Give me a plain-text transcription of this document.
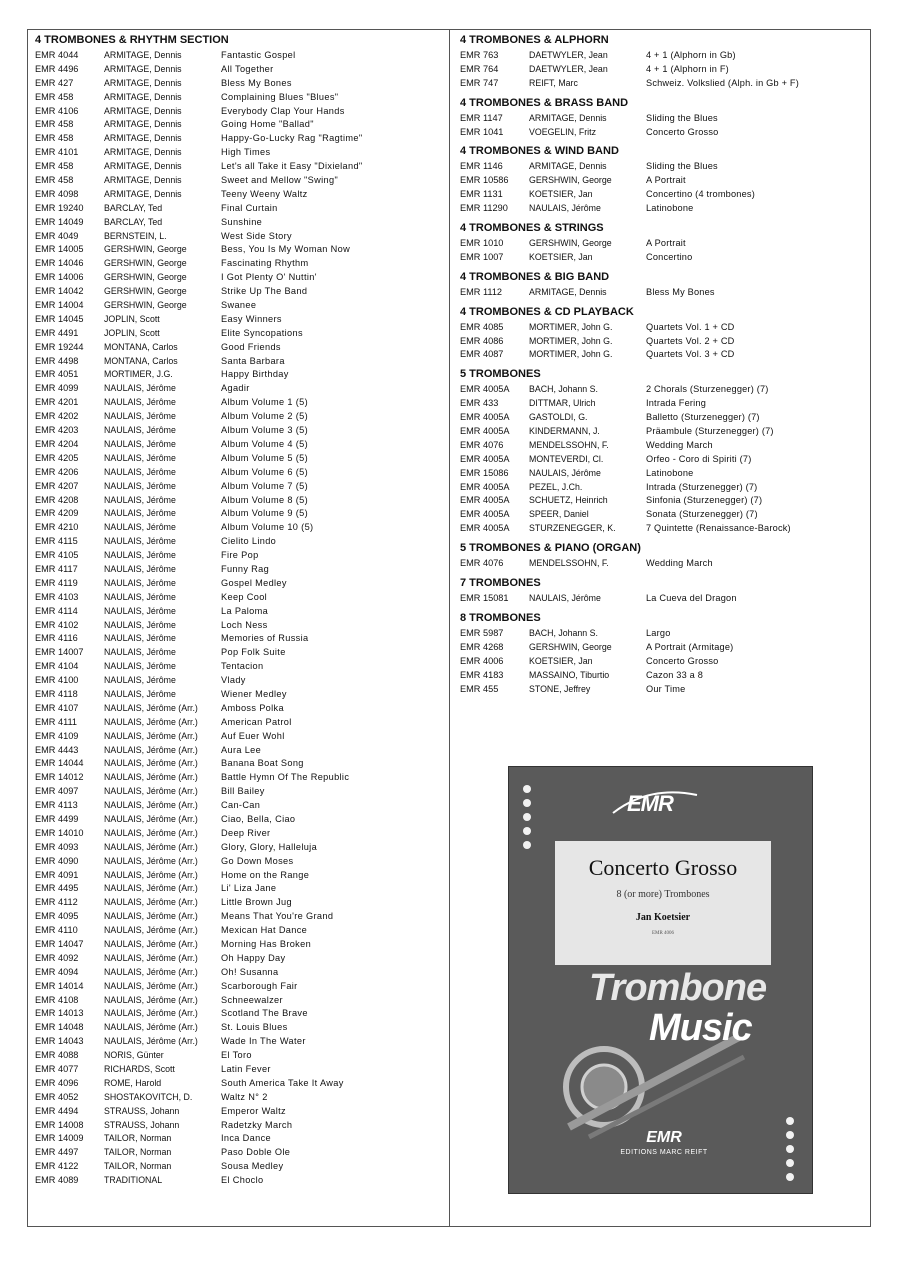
4 TROMBONES & RHYTHM SECTION
EMR 4044	ARMITAGE, Dennis	Fantastic Gospel
EMR 4496	ARMITAGE, Dennis	All Together
EMR 427	ARMITAGE, Dennis	Bless My Bones
EMR 458	ARMITAGE, Dennis	Complaining Blues "Blues"
EMR 4106	ARMITAGE, Dennis	Everybody Clap Your Hands
EMR 458	ARMITAGE, Dennis	Going Home "Ballad"
EMR 458	ARMITAGE, Dennis	Happy-Go-Lucky Rag "Ragtime"
EMR 4101	ARMITAGE, Dennis	High Times
EMR 458	ARMITAGE, Dennis	Let's all Take it Easy "Dixieland"
EMR 458	ARMITAGE, Dennis	Sweet and Mellow "Swing"
EMR 4098	ARMITAGE, Dennis	Teeny Weeny Waltz
EMR 19240 BARCLAY, Ted	Final Curtain
EMR 14049 BARCLAY, Ted	Sunshine
EMR 4049	BERNSTEIN, L.	West Side Story
EMR 14005 GERSHWIN, George	Bess, You Is My Woman Now
EMR 14046 GERSHWIN, George	Fascinating Rhythm
EMR 14006 GERSHWIN, George	I Got Plenty O' Nuttin'
EMR 14042 GERSHWIN, George	Strike Up The Band
EMR 14004 GERSHWIN, George	Swanee
EMR 14045 JOPLIN, Scott	Easy Winners
EMR 4491	JOPLIN, Scott	Elite Syncopations
EMR 19244 MONTANA, Carlos	Good Friends
EMR 4498	MONTANA, Carlos	Santa Barbara
EMR 4051	MORTIMER, J.G.	Happy Birthday
EMR 4099	NAULAIS, Jérôme	Agadir
EMR 4201	NAULAIS, Jérôme	Album Volume 1 (5)
EMR 4202	NAULAIS, Jérôme	Album Volume 2 (5)
EMR 4203	NAULAIS, Jérôme	Album Volume 3 (5)
EMR 4204	NAULAIS, Jérôme	Album Volume 4 (5)
EMR 4205	NAULAIS, Jérôme	Album Volume 5 (5)
EMR 4206	NAULAIS, Jérôme	Album Volume 6 (5)
EMR 4207	NAULAIS, Jérôme	Album Volume 7 (5)
EMR 4208	NAULAIS, Jérôme	Album Volume 8 (5)
EMR 4209	NAULAIS, Jérôme	Album Volume 9 (5)
EMR 4210	NAULAIS, Jérôme	Album Volume 10 (5)
EMR 4115	NAULAIS, Jérôme	Cielito Lindo
EMR 4105	NAULAIS, Jérôme	Fire Pop
EMR 4117	NAULAIS, Jérôme	Funny Rag
EMR 4119	NAULAIS, Jérôme	Gospel Medley
EMR 4103	NAULAIS, Jérôme	Keep Cool
EMR 4114	NAULAIS, Jérôme	La Paloma
EMR 4102	NAULAIS, Jérôme	Loch Ness
EMR 4116	NAULAIS, Jérôme	Memories of Russia
EMR 14007 NAULAIS, Jérôme	Pop Folk Suite
EMR 4104	NAULAIS, Jérôme	Tentacion
EMR 4100	NAULAIS, Jérôme	Vlady
EMR 4118	NAULAIS, Jérôme	Wiener Medley
EMR 4107	NAULAIS, Jérôme (Arr.)	Amboss Polka
EMR 4111	NAULAIS, Jérôme (Arr.)	American Patrol
EMR 4109	NAULAIS, Jérôme (Arr.)	Auf Euer Wohl
EMR 4443	NAULAIS, Jérôme (Arr.)	Aura Lee
EMR 14044 NAULAIS, Jérôme (Arr.)	Banana Boat Song
EMR 14012 NAULAIS, Jérôme (Arr.)	Battle Hymn Of The Republic
EMR 4097	NAULAIS, Jérôme (Arr.)	Bill Bailey
EMR 4113	NAULAIS, Jérôme (Arr.)	Can-Can
EMR 4499	NAULAIS, Jérôme (Arr.)	Ciao, Bella, Ciao
EMR 14010 NAULAIS, Jérôme (Arr.)	Deep River
EMR 4093	NAULAIS, Jérôme (Arr.)	Glory, Glory, Halleluja
EMR 4090	NAULAIS, Jérôme (Arr.)	Go Down Moses
EMR 4091	NAULAIS, Jérôme (Arr.)	Home on the Range
EMR 4495	NAULAIS, Jérôme (Arr.)	Li' Liza Jane
EMR 4112	NAULAIS, Jérôme (Arr.)	Little Brown Jug
EMR 4095	NAULAIS, Jérôme (Arr.)	Means That You're Grand
EMR 4110	NAULAIS, Jérôme (Arr.)	Mexican Hat Dance
EMR 14047 NAULAIS, Jérôme (Arr.)	Morning Has Broken
EMR 4092	NAULAIS, Jérôme (Arr.)	Oh Happy Day
EMR 4094	NAULAIS, Jérôme (Arr.)	Oh! Susanna
EMR 14014 NAULAIS, Jérôme (Arr.)	Scarborough Fair
EMR 4108	NAULAIS, Jérôme (Arr.)	Schneewalzer
EMR 14013 NAULAIS, Jérôme (Arr.)	Scotland The Brave
EMR 14048 NAULAIS, Jérôme (Arr.)	St. Louis Blues
EMR 14043 NAULAIS, Jérôme (Arr.)	Wade In The Water
EMR 4088	NORIS, Günter	El Toro
EMR 4077	RICHARDS, Scott	Latin Fever
EMR 4096	ROME, Harold	South America Take It Away
EMR 4052	SHOSTAKOVITCH, D.	Waltz N° 2
EMR 4494	STRAUSS, Johann	Emperor Waltz
EMR 14008 STRAUSS, Johann	Radetzky March
EMR 14009 TAILOR, Norman	Inca Dance
EMR 4497	TAILOR, Norman	Paso Doble Ole
EMR 4122	TAILOR, Norman	Sousa Medley
EMR 4089	TRADITIONAL	El Choclo
4 TROMBONES & ALPHORN
EMR 763	DAETWYLER, Jean	4 + 1 (Alphorn in Gb)
EMR 764	DAETWYLER, Jean	4 + 1 (Alphorn in F)
EMR 747	REIFT, Marc	Schweiz. Volkslied (Alph. in Gb + F)
4 TROMBONES & BRASS BAND
EMR 1147	ARMITAGE, Dennis	Sliding the Blues
EMR 1041	VOEGELIN, Fritz	Concerto Grosso
4 TROMBONES & WIND BAND
EMR 1146	ARMITAGE, Dennis	Sliding the Blues
EMR 10586 GERSHWIN, George	A Portrait
EMR 1131	KOETSIER, Jan	Concertino (4 trombones)
EMR 11290 NAULAIS, Jérôme	Latinobone
4 TROMBONES & STRINGS
EMR 1010	GERSHWIN, George	A Portrait
EMR 1007	KOETSIER, Jan	Concertino
4 TROMBONES & BIG BAND
EMR 1112	ARMITAGE, Dennis	Bless My Bones
4 TROMBONES & CD PLAYBACK
EMR 4085	MORTIMER, John G.	Quartets Vol. 1 + CD
EMR 4086	MORTIMER, John G.	Quartets Vol. 2 + CD
EMR 4087	MORTIMER, John G.	Quartets Vol. 3 + CD
5 TROMBONES
EMR 4005A BACH, Johann S.	2 Chorals (Sturzenegger) (7)
EMR 433	DITTMAR, Ulrich	Intrada Fering
EMR 4005A GASTOLDI, G.	Balletto (Sturzenegger) (7)
EMR 4005A KINDERMANN, J.	Präambule (Sturzenegger) (7)
EMR 4076	MENDELSSOHN, F.	Wedding March
EMR 4005A MONTEVERDI, Cl.	Orfeo - Coro di Spiriti (7)
EMR 15086 NAULAIS, Jérôme	Latinobone
EMR 4005A PEZEL, J.Ch.	Intrada (Sturzenegger) (7)
EMR 4005A SCHUETZ, Heinrich	Sinfonia (Sturzenegger) (7)
EMR 4005A SPEER, Daniel	Sonata (Sturzenegger) (7)
EMR 4005A STURZENEGGER, K.	7 Quintette (Renaissance-Barock)
5 TROMBONES & PIANO (ORGAN)
EMR 4076	MENDELSSOHN, F.	Wedding March
7 TROMBONES
EMR 15081 NAULAIS, Jérôme	La Cueva del Dragon
8 TROMBONES
EMR 5987	BACH, Johann S.	Largo
EMR 4268	GERSHWIN, George	A Portrait (Armitage)
EMR 4006	KOETSIER, Jan	Concerto Grosso
EMR 4183	MASSAINO, Tiburtio	Cazon 33 a 8
EMR 455	STONE, Jeffrey	Our Time
EMR
Concerto Grosso
8 (or more) Trombones
Jan Koetsier
EMR 4006
Trombone
Music
EMR
EDITIONS MARC REIFT
